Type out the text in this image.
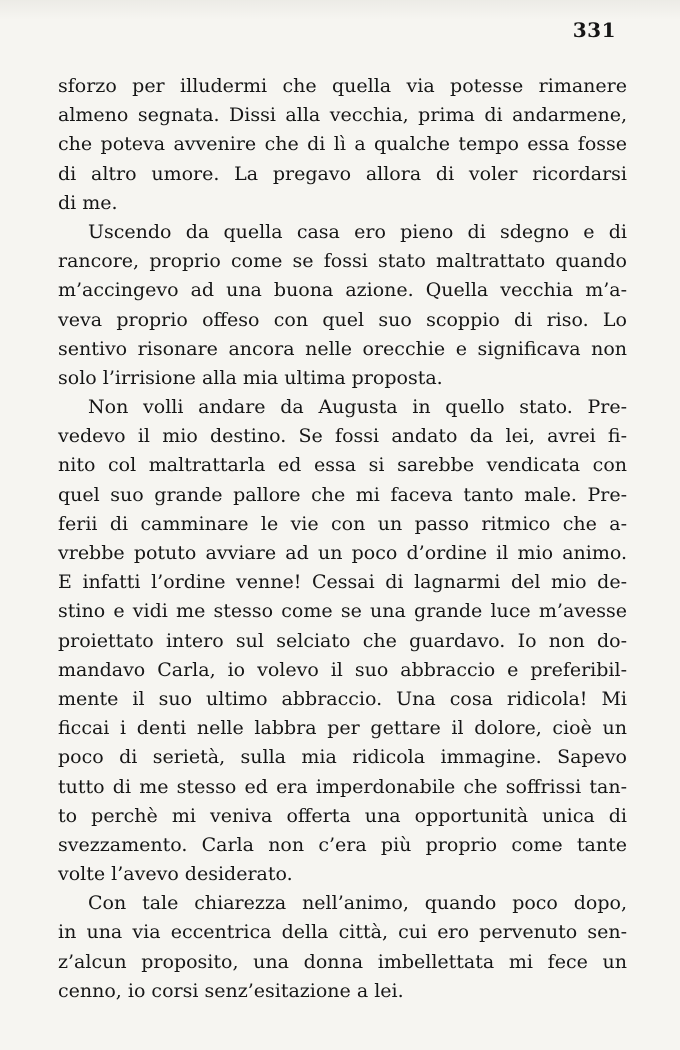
331
sforzo per illudermi che quella via potesse rimanere
almeno segnata. Dissi alla vecchia, prima di andarmene,
che poteva avvenire che di lì a qualche tempo essa fosse
di altro umore. La pregavo allora di voler ricordarsi
di me.
Uscendo da quella casa ero pieno di sdegno e di
rancore, proprio come se fossi stato maltrattato quando
m’accingevo ad una buona azione. Quella vecchia m’a-
veva proprio offeso con quel suo scoppio di riso. Lo
sentivo risonare ancora nelle orecchie e significava non
solo l’irrisione alla mia ultima proposta.
Non volli andare da Augusta in quello stato. Pre-
vedevo il mio destino. Se fossi andato da lei, avrei fi-
nito col maltrattarla ed essa si sarebbe vendicata con
quel suo grande pallore che mi faceva tanto male. Pre-
ferii di camminare le vie con un passo ritmico che a-
vrebbe potuto avviare ad un poco d’ordine il mio animo.
E infatti l’ordine venne! Cessai di lagnarmi del mio de-
stino e vidi me stesso come se una grande luce m’avesse
proiettato intero sul selciato che guardavo. Io non do-
mandavo Carla, io volevo il suo abbraccio e preferibil-
mente il suo ultimo abbraccio. Una cosa ridicola! Mi
ficcai i denti nelle labbra per gettare il dolore, cioè un
poco di serietà, sulla mia ridicola immagine. Sapevo
tutto di me stesso ed era imperdonabile che soffrissi tan-
to perchè mi veniva offerta una opportunità unica di
svezzamento. Carla non c’era più proprio come tante
volte l’avevo desiderato.
Con tale chiarezza nell’animo, quando poco dopo,
in una via eccentrica della città, cui ero pervenuto sen-
z’alcun proposito, una donna imbellettata mi fece un
cenno, io corsi senz’esitazione a lei.
